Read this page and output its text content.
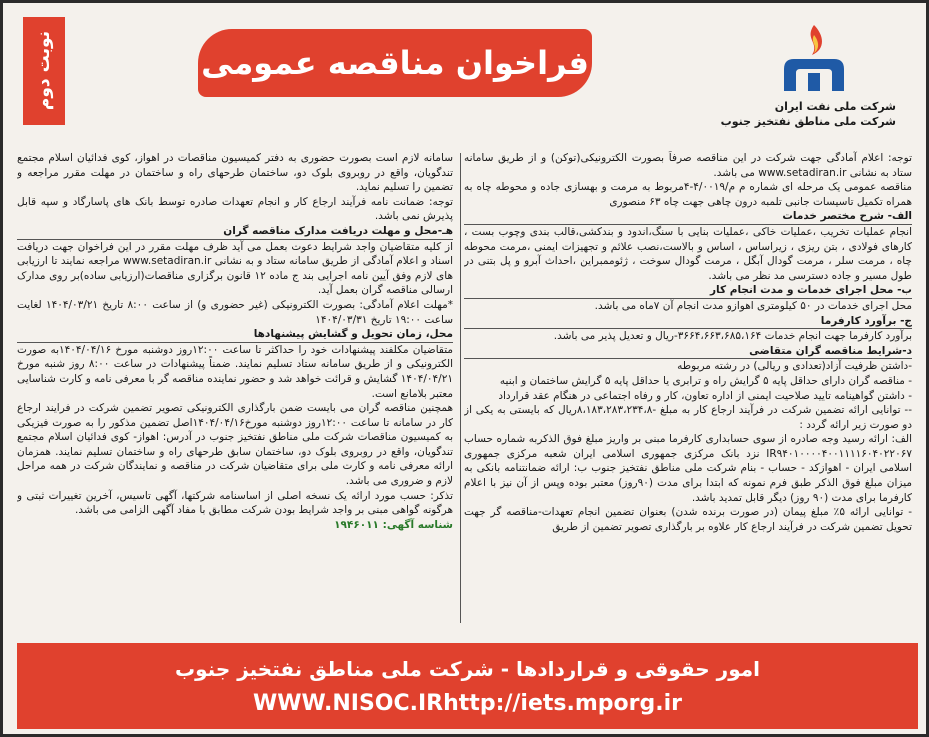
شرکت ملی نفت ایران
شرکت ملی مناطق نفتخیز جنوب
فراخوان مناقصه عمومی
نوبت دوم

توجه: اعلام آمادگی جهت شرکت در این مناقصه صرفاً بصورت الکترونیکی(توکن) و از طریق سامانه ستاد به نشانی www.setadiran.ir می باشد.

مناقصه عمومی یک مرحله ای شماره م م/۴/۰۰۱۹-۴مربوط به مرمت و بهسازی جاده و محوطه چاه به همراه تکمیل تاسیسات جانبی تلمبه درون چاهی جهت چاه ۶۳ منصوری

الف- شرح مختصر خدمات

انجام عملیات تخریب ،عملیات خاکی ،عملیات بنایی با سنگ،اندود و بندکشی،قالب بندی وچوب بست ، کارهای فولادی ، بتن ریزی ، زیراساس ، اساس و بالاست،نصب علائم و تجهیزات ایمنی ،مرمت محوطه چاه ، مرمت سلر ، مرمت گودال آبگل ، مرمت گودال سوخت ، ژئوممبراین ،احداث آبرو و پل بتنی در طول مسیر و جاده دسترسی مد نظر می باشد.

ب- محل اجرای خدمات و مدت انجام کار

محل اجرای خدمات در ۵۰ کیلومتری اهوازو مدت انجام آن ۷ماه می باشد.

ج- برآورد کارفرما

برآورد کارفرما جهت انجام خدمات ۳۶۶۴،۶۶۳،۶۸۵،۱۶۴-ریال و تعدیل پذیر می باشد.

د-شرایط مناقصه گران متقاضی

-داشتن ظرفیت آزاد(تعدادی و ریالی) در رشته مربوطه

- مناقصه گران دارای حداقل پایه ۵ گرایش راه و ترابری یا حداقل پایه ۵ گرایش ساختمان و ابنیه

- داشتن گواهینامه تایید صلاحیت ایمنی از اداره تعاون، کار و رفاه اجتماعی در هنگام عقد قرارداد

-- توانایی ارائه تضمین شرکت در فرآیند ارجاع کار به مبلغ -۸،۱۸۳،۲۸۳،۲۳۴،۸ریال که بایستی به یکی از دو صورت زیر ارائه گردد :

الف: ارائه رسید وجه صادره از سوی حسابداری کارفرما مبنی بر واریز مبلغ فوق الذکربه شماره حساب IR۹۴۰۱۰۰۰۰۴۰۰۱۱۱۱۶۰۴۰۲۲۰۶۷ نزد بانک مرکزی جمهوری اسلامی ایران شعبه مرکزی جمهوری اسلامی ایران - اهوازکد - حساب - بنام شرکت ملی مناطق نفتخیز جنوب ب: ارائه ضمانتنامه بانکی به میزان مبلغ فوق الذکر طبق فرم نمونه که ابتدا برای مدت (۹۰روز) معتبر بوده وپس از آن نیز با اعلام کارفرما برای مدت (۹۰ روز) دیگر قابل تمدید باشد.

- توانایی ارائه ۵٪ مبلغ پیمان (در صورت برنده شدن) بعنوان تضمین انجام تعهدات-مناقصه گر جهت تحویل تضمین شرکت در فرآیند ارجاع کار علاوه بر بارگذاری تصویر تضمین از طریق

سامانه لازم است بصورت حضوری به دفتر کمیسیون مناقصات در اهواز، کوی فدائیان اسلام مجتمع تندگویان، واقع در روبروی بلوک دو، ساختمان طرحهای راه و ساختمان در مهلت مقرر مراجعه و تضمین را تسلیم نماید.

توجه: ضمانت نامه فرآیند ارجاع کار و انجام تعهدات صادره توسط بانک های پاسارگاد و سپه قابل پذیرش نمی باشد.

هـ-محل و مهلت دریافت مدارک مناقصه گران

از کلیه متقاضیان واجد شرایط دعوت بعمل می آید ظرف مهلت مقرر در این فراخوان جهت دریافت اسناد و اعلام آمادگی از طریق سامانه ستاد و به نشانی www.setadiran.ir مراجعه نمایند تا ارزیابی های لازم وفق آیین نامه اجرایی بند ج ماده ۱۲ قانون برگزاری مناقصات(ارزیابی ساده)بر روی مدارک ارسالی مناقصه گران بعمل آید.

*مهلت اعلام آمادگی: بصورت الکترونیکی (غیر حضوری و) از ساعت ۸:۰۰ تاریخ ۱۴۰۴/۰۳/۲۱ لغایت ساعت ۱۹:۰۰ تاریخ ۱۴۰۴/۰۳/۳۱

محل، زمان تحویل و گشایش پیشنهادها

متقاضیان مکلفند پیشنهادات خود را حداکثر تا ساعت ۱۲:۰۰روز دوشنبه مورخ ۱۴۰۴/۰۴/۱۶به صورت الکترونیکی و از طریق سامانه ستاد تسلیم نمایند. ضمناً پیشنهادات در ساعت ۸:۰۰ روز شنبه مورخ ۱۴۰۴/۰۴/۲۱ گشایش و قرائت خواهد شد و حضور نماینده مناقصه گر با معرفی نامه و کارت شناسایی معتبر بلامانع است.

همچنین مناقصه گران می بایست ضمن بارگذاری الکترونیکی تصویر تضمین شرکت در فرایند ارجاع کار در سامانه تا ساعت ۱۲:۰۰روز دوشنبه مورخ۱۴۰۴/۰۴/۱۶اصل تضمین مذکور را به صورت فیزیکی به کمیسیون مناقصات شرکت ملی مناطق نفتخیز جنوب در آدرس: اهواز- کوی فدائیان اسلام مجتمع تندگویان، واقع در روبروی بلوک دو، ساختمان سابق طرحهای راه و ساختمان تسلیم نمایند. همزمان ارائه معرفی نامه و کارت ملی برای متقاضیان شرکت در مناقصه و نمایندگان شرکت در همه مراحل لازم و ضروری می باشد.

تذکر: حسب مورد ارائه یک نسخه اصلی از اساسنامه شرکتها، آگهی تاسیس، آخرین تغییرات ثبتی و هرگونه گواهی مبنی بر واجد شرایط بودن شرکت مطابق با مفاد آگهی الزامی می باشد.

شناسه آگهی: ۱۹۴۶۰۱۱

امور حقوقی و قراردادها - شرکت ملی مناطق نفتخیز جنوب
WWW.NISOC.IRhttp://iets.mporg.ir
